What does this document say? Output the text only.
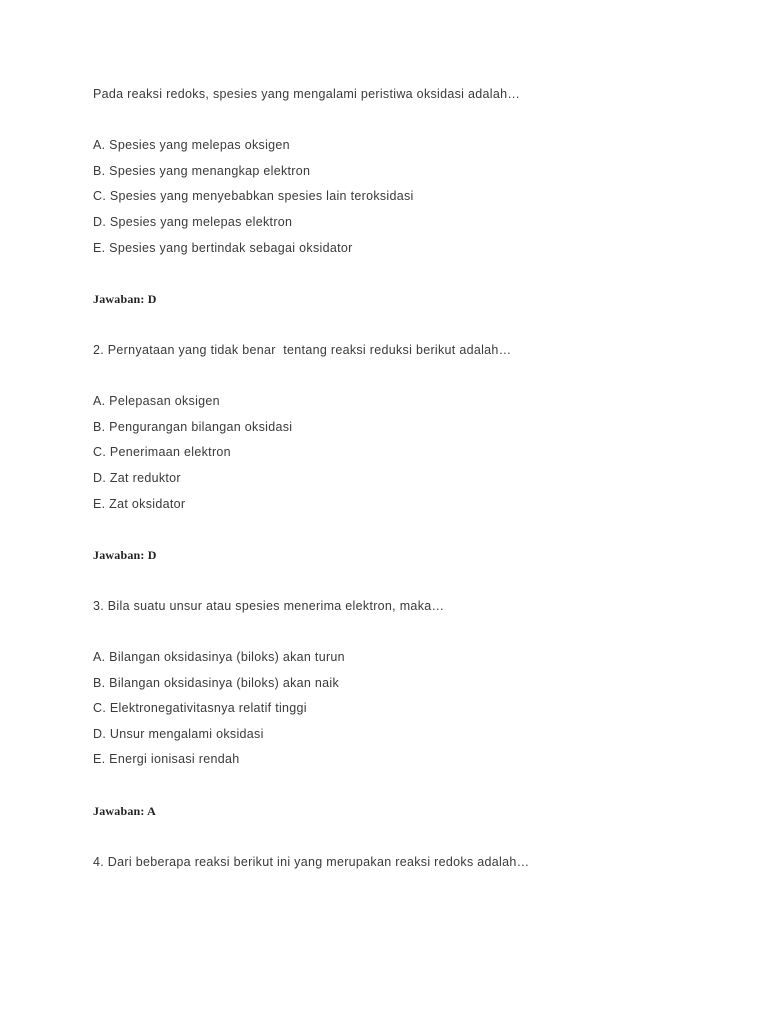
Pada reaksi redoks, spesies yang mengalami peristiwa oksidasi adalah…
A. Spesies yang melepas oksigen
B. Spesies yang menangkap elektron
C. Spesies yang menyebabkan spesies lain teroksidasi
D. Spesies yang melepas elektron
E. Spesies yang bertindak sebagai oksidator
Jawaban: D
2. Pernyataan yang tidak benar  tentang reaksi reduksi berikut adalah…
A. Pelepasan oksigen
B. Pengurangan bilangan oksidasi
C. Penerimaan elektron
D. Zat reduktor
E. Zat oksidator
Jawaban: D
3. Bila suatu unsur atau spesies menerima elektron, maka…
A. Bilangan oksidasinya (biloks) akan turun
B. Bilangan oksidasinya (biloks) akan naik
C. Elektronegativitasnya relatif tinggi
D. Unsur mengalami oksidasi
E. Energi ionisasi rendah
Jawaban: A
4. Dari beberapa reaksi berikut ini yang merupakan reaksi redoks adalah…
